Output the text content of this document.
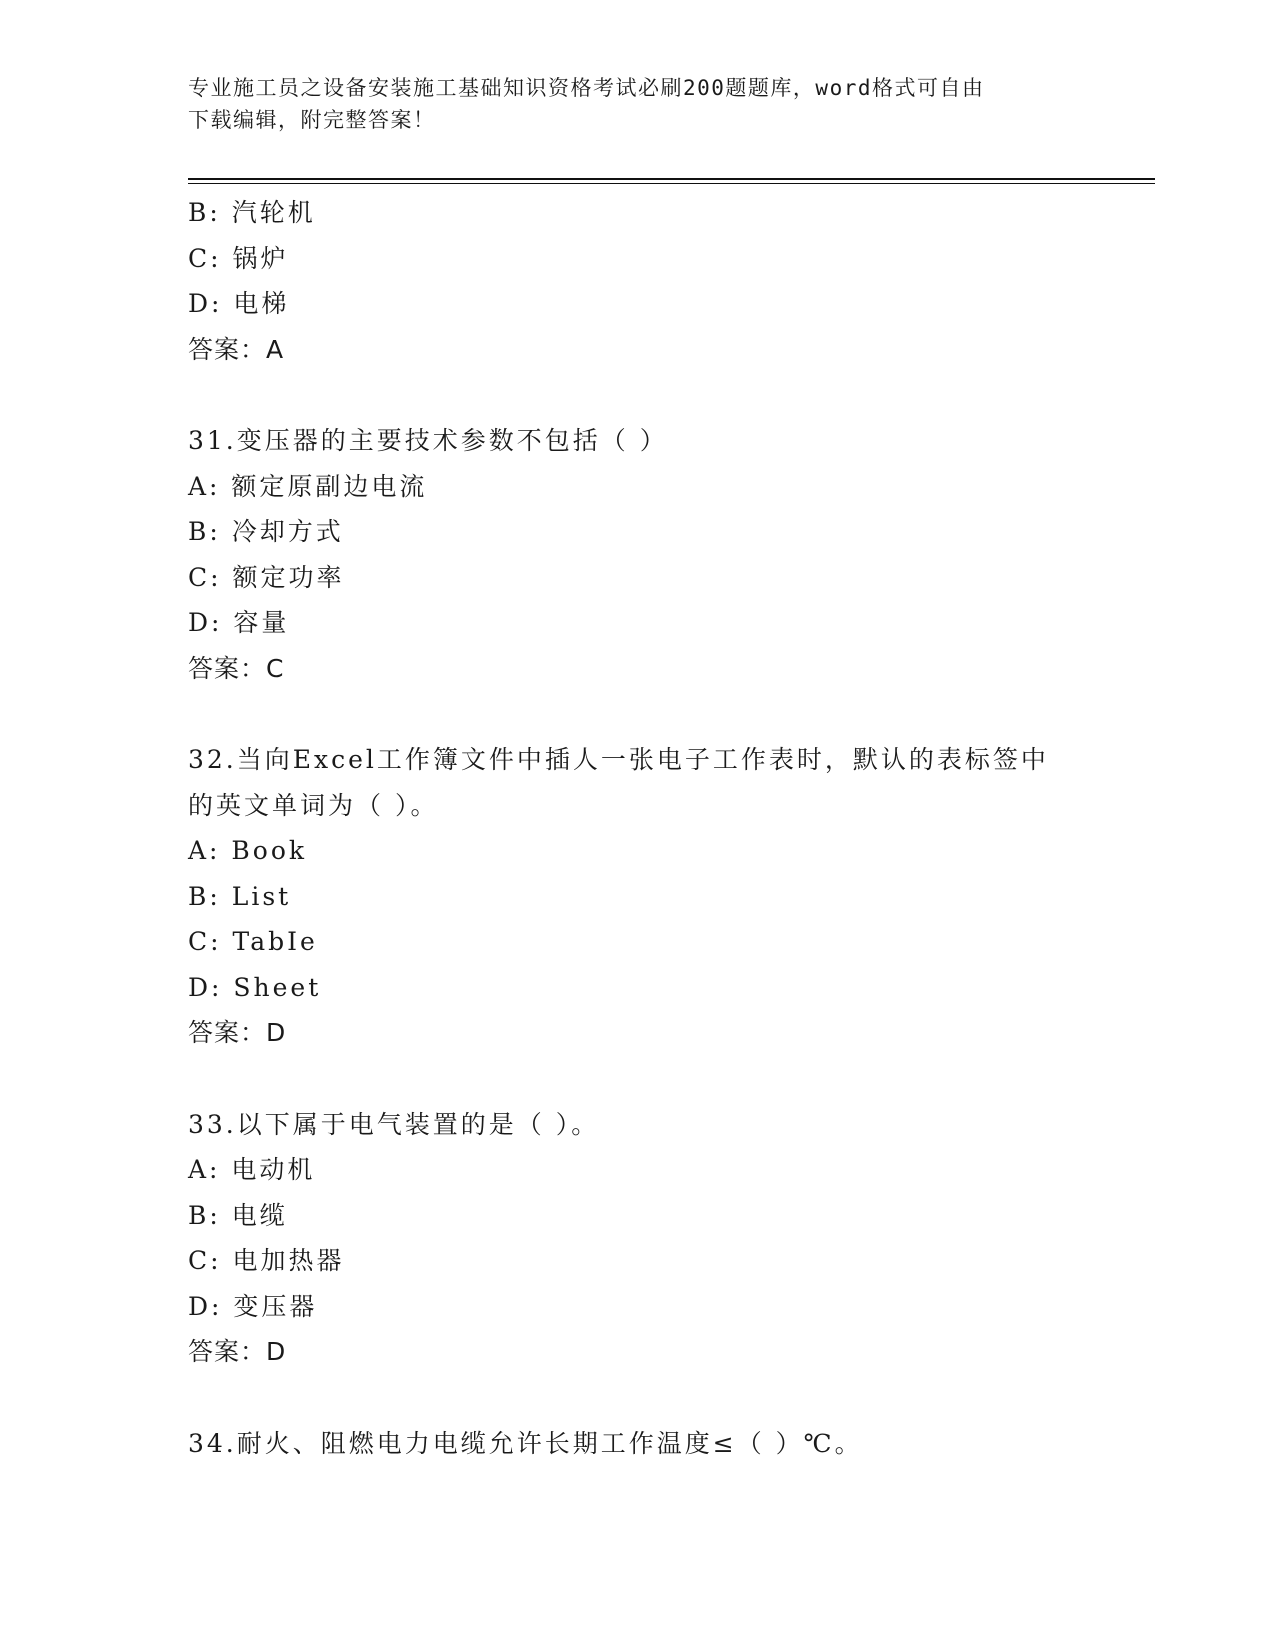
专业施工员之设备安装施工基础知识资格考试必刷200题题库，word格式可自由
下载编辑，附完整答案！
B: 汽轮机
C: 锅炉
D: 电梯
答案：A
31.变压器的主要技术参数不包括（ ）
A: 额定原副边电流
B: 冷却方式
C: 额定功率
D: 容量
答案：C
32.当向Excel工作簿文件中插人一张电子工作表时，默认的表标签中
的英文单词为（ ）。
A: Book
B: List
C: TabIe
D: Sheet
答案：D
33.以下属于电气装置的是（ ）。
A: 电动机
B: 电缆
C: 电加热器
D: 变压器
答案：D
34.耐火、阻燃电力电缆允许长期工作温度≤（ ）℃。
